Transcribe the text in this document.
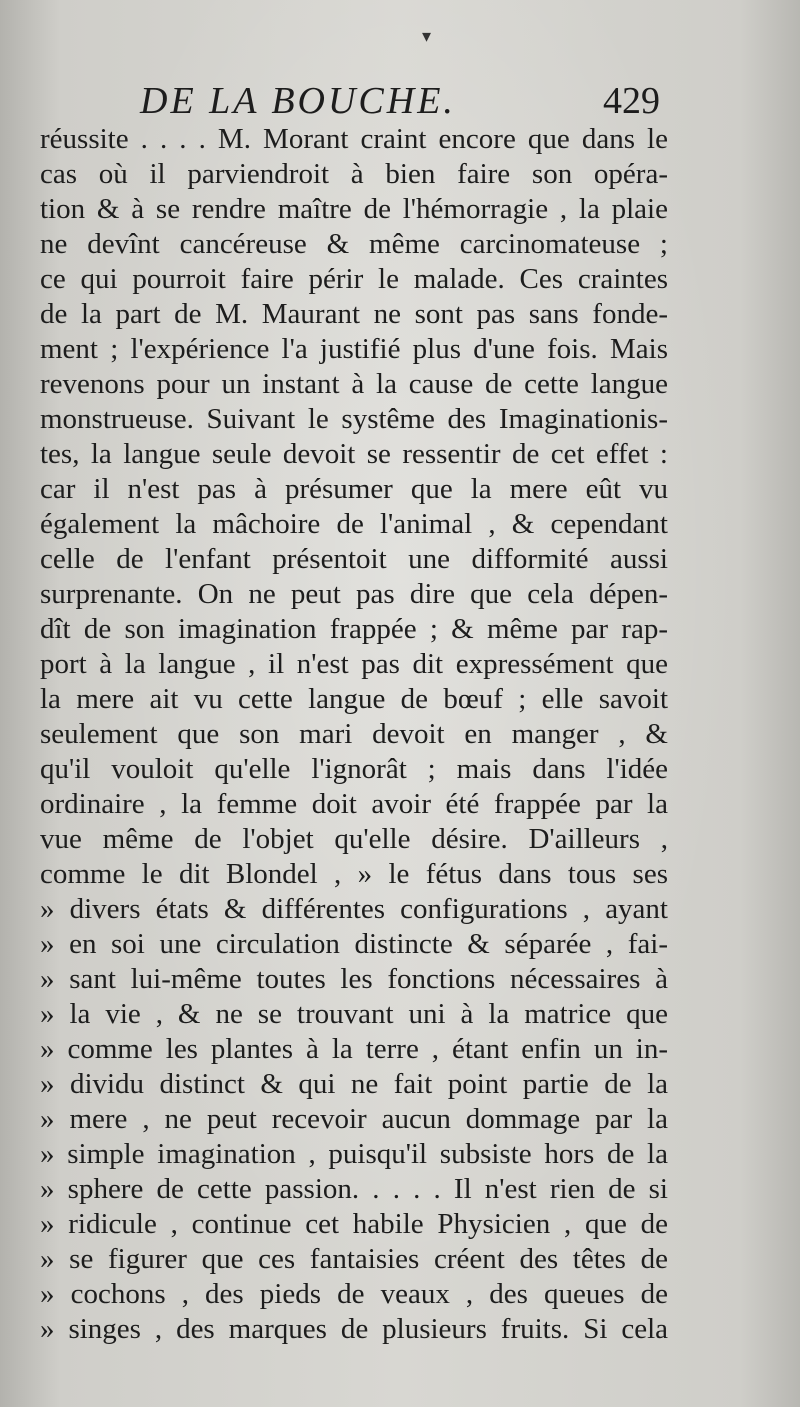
▾
DE LA BOUCHE.	429
réussite . . . . M. Morant craint encore que dans le
cas où il parviendroit à bien faire son opéra-
tion & à se rendre maître de l'hémorragie , la plaie
ne devînt cancéreuse & même carcinomateuse ;
ce qui pourroit faire périr le malade. Ces craintes
de la part de M. Maurant ne sont pas sans fonde-
ment ; l'expérience l'a justifié plus d'une fois. Mais
revenons pour un instant à la cause de cette langue
monstrueuse. Suivant le systême des Imaginationis-
tes, la langue seule devoit se ressentir de cet effet :
car il n'est pas à présumer que la mere eût vu
également la mâchoire de l'animal , & cependant
celle de l'enfant présentoit une difformité aussi
surprenante. On ne peut pas dire que cela dépen-
dît de son imagination frappée ; & même par rap-
port à la langue , il n'est pas dit expressément que
la mere ait vu cette langue de bœuf ; elle savoit
seulement que son mari devoit en manger , &
qu'il vouloit qu'elle l'ignorât ; mais dans l'idée
ordinaire , la femme doit avoir été frappée par la
vue même de l'objet qu'elle désire. D'ailleurs ,
comme le dit Blondel , » le fétus dans tous ses
» divers états & différentes configurations , ayant
» en soi une circulation distincte & séparée , fai-
» sant lui-même toutes les fonctions nécessaires à
» la vie , & ne se trouvant uni à la matrice que
» comme les plantes à la terre , étant enfin un in-
» dividu distinct & qui ne fait point partie de la
» mere , ne peut recevoir aucun dommage par la
» simple imagination , puisqu'il subsiste hors de la
» sphere de cette passion. . . . . Il n'est rien de si
» ridicule , continue cet habile Physicien , que de
» se figurer que ces fantaisies créent des têtes de
» cochons , des pieds de veaux , des queues de
» singes , des marques de plusieurs fruits. Si cela
